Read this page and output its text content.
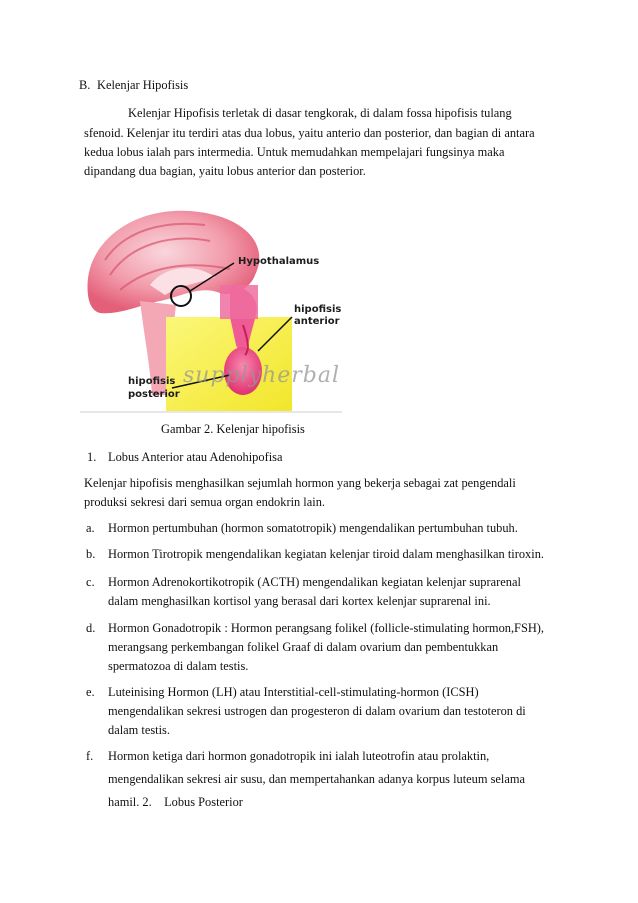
B. Kelenjar Hipofisis
Kelenjar Hipofisis terletak di dasar tengkorak, di dalam fossa hipofisis tulang
sfenoid. Kelenjar itu terdiri atas dua lobus, yaitu anterio dan posterior, dan bagian di antara
kedua lobus ialah pars intermedia. Untuk memudahkan mempelajari fungsinya maka
dipandang dua bagian, yaitu lobus anterior dan posterior.
Hypothalamus
hipofisis
anterior
hipofisis
posterior
supplyherbal
Gambar 2. Kelenjar hipofisis
1. Lobus Anterior atau Adenohipofisa
Kelenjar hipofisis menghasilkan sejumlah hormon yang bekerja sebagai zat pengendali
produksi sekresi dari semua organ endokrin lain.
a. Hormon pertumbuhan (hormon somatotropik) mengendalikan pertumbuhan tubuh.
b. Hormon Tirotropik mengendalikan kegiatan kelenjar tiroid dalam menghasilkan tiroxin.
c. Hormon Adrenokortikotropik (ACTH) mengendalikan kegiatan kelenjar suprarenal
dalam menghasilkan kortisol yang berasal dari kortex kelenjar suprarenal ini.
d. Hormon Gonadotropik : Hormon perangsang folikel (follicle-stimulating hormon,FSH),
merangsang perkembangan folikel Graaf di dalam ovarium dan pembentukkan
spermatozoa di dalam testis.
e. Luteinising Hormon (LH) atau Interstitial-cell-stimulating-hormon (ICSH)
mengendalikan sekresi ustrogen dan progesteron di dalam ovarium dan testoteron di
dalam testis.
f. Hormon ketiga dari hormon gonadotropik ini ialah luteotrofin atau prolaktin,
mengendalikan sekresi air susu, dan mempertahankan adanya korpus luteum selama
hamil. 2.    Lobus Posterior
